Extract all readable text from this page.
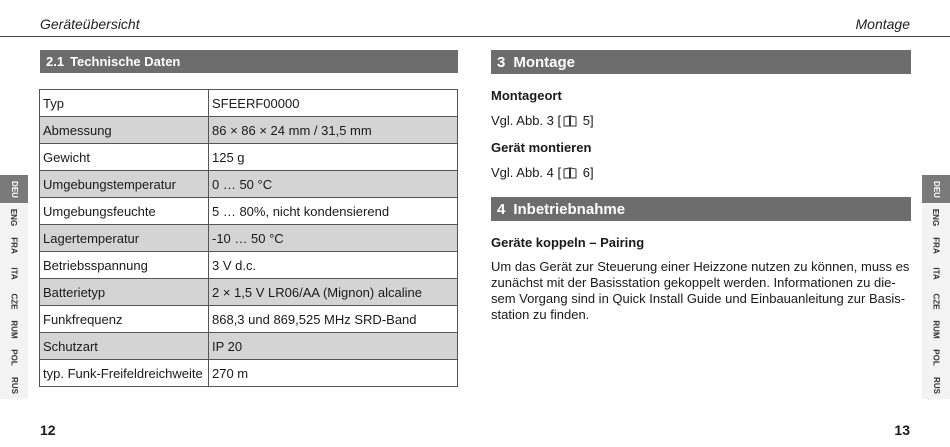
Geräteübersicht	Montage
2.1 Technische Daten
Typ	SFEERF00000
Abmessung	86 × 86 × 24 mm / 31,5 mm
Gewicht	125 g
Umgebungstemperatur	0 … 50 °C
Umgebungsfeuchte	5 … 80%, nicht kondensierend
Lagertemperatur	-10 … 50 °C
Betriebsspannung	3 V d.c.
Batterietyp	2 × 1,5 V LR06/AA (Mignon) alcaline
Funkfrequenz	868,3 und 869,525 MHz SRD-Band
Schutzart	IP 20
typ. Funk-Freifeldreichweite	270 m
3 Montage
Montageort
Vgl. Abb. 3 [ 5]
Gerät montieren
Vgl. Abb. 4 [ 6]
4 Inbetriebnahme
Geräte koppeln – Pairing
Um das Gerät zur Steuerung einer Heizzone nutzen zu können, muss es
zunächst mit der Basisstation gekoppelt werden. Informationen zu die-
sem Vorgang sind in Quick Install Guide und Einbauanleitung zur Basis-
station zu finden.
DEU
ENG
FRA
ITA
CZE
RUM
POL
RUS
DEU
ENG
FRA
ITA
CZE
RUM
POL
RUS
12	13
